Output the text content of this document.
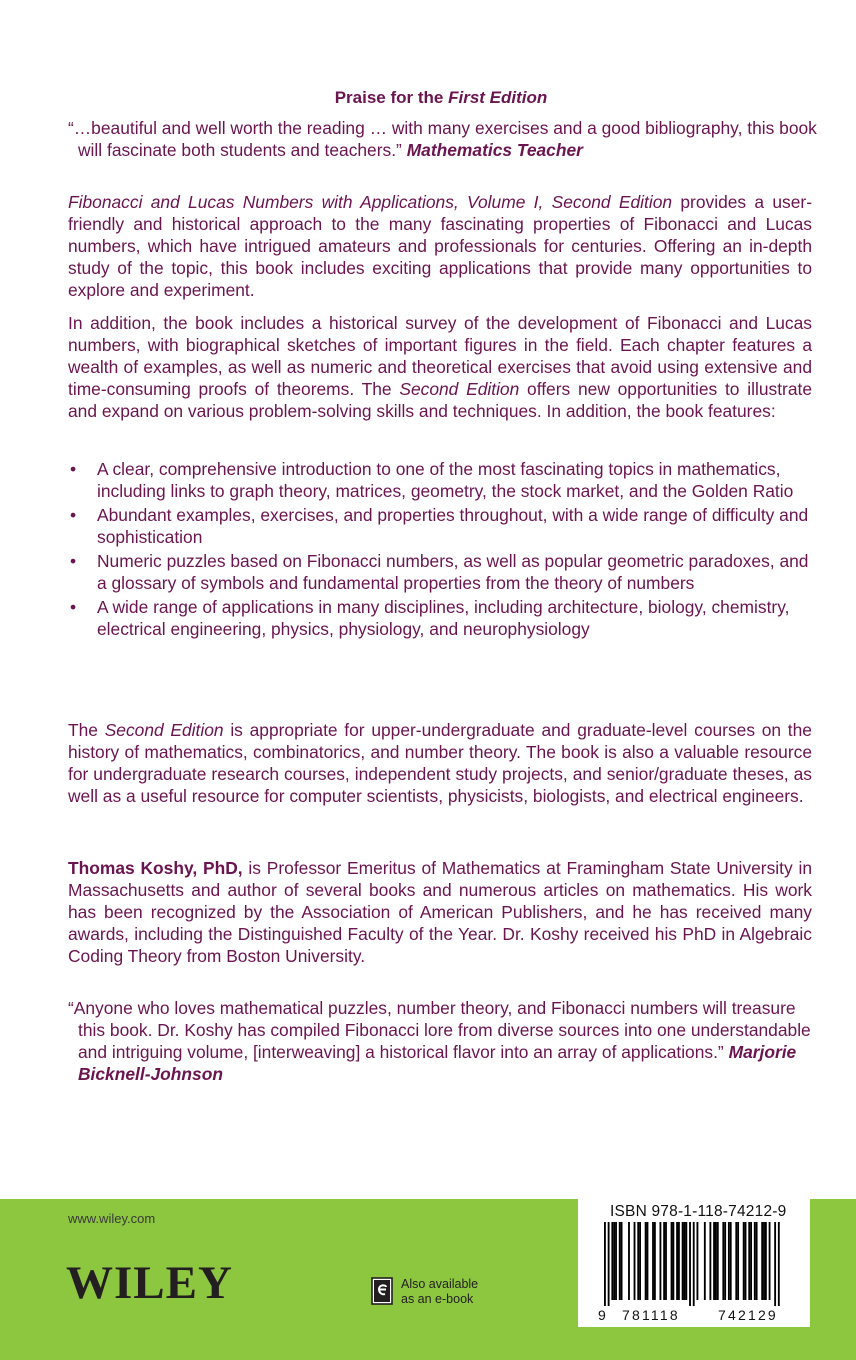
Praise for the First Edition
“…beautiful and well worth the reading … with many exercises and a good bibliography, this book will fascinate both students and teachers.” Mathematics Teacher
Fibonacci and Lucas Numbers with Applications, Volume I, Second Edition provides a user-friendly and historical approach to the many fascinating properties of Fibonacci and Lucas numbers, which have intrigued amateurs and professionals for centuries. Offering an in-depth study of the topic, this book includes exciting applications that provide many opportunities to explore and experiment.
In addition, the book includes a historical survey of the development of Fibonacci and Lucas numbers, with biographical sketches of important figures in the field. Each chapter features a wealth of examples, as well as numeric and theoretical exercises that avoid using extensive and time-consuming proofs of theorems. The Second Edition offers new opportunities to illustrate and expand on various problem-solving skills and techniques. In addition, the book features:
• A clear, comprehensive introduction to one of the most fascinating topics in mathematics, including links to graph theory, matrices, geometry, the stock market, and the Golden Ratio
• Abundant examples, exercises, and properties throughout, with a wide range of difficulty and sophistication
• Numeric puzzles based on Fibonacci numbers, as well as popular geometric paradoxes, and a glossary of symbols and fundamental properties from the theory of numbers
• A wide range of applications in many disciplines, including architecture, biology, chemistry, electrical engineering, physics, physiology, and neurophysiology
The Second Edition is appropriate for upper-undergraduate and graduate-level courses on the history of mathematics, combinatorics, and number theory. The book is also a valuable resource for undergraduate research courses, independent study projects, and senior/graduate theses, as well as a useful resource for computer scientists, physicists, biologists, and electrical engineers.
Thomas Koshy, PhD, is Professor Emeritus of Mathematics at Framingham State University in Massachusetts and author of several books and numerous articles on mathematics. His work has been recognized by the Association of American Publishers, and he has received many awards, including the Distinguished Faculty of the Year. Dr. Koshy received his PhD in Algebraic Coding Theory from Boston University.
“Anyone who loves mathematical puzzles, number theory, and Fibonacci numbers will treasure this book. Dr. Koshy has compiled Fibonacci lore from diverse sources into one understandable and intriguing volume, [interweaving] a historical flavor into an array of applications.” Marjorie Bicknell-Johnson
www.wiley.com
WILEY	Also available
as an e-book
ISBN 978-1-118-74212-9
9 781118	742129
